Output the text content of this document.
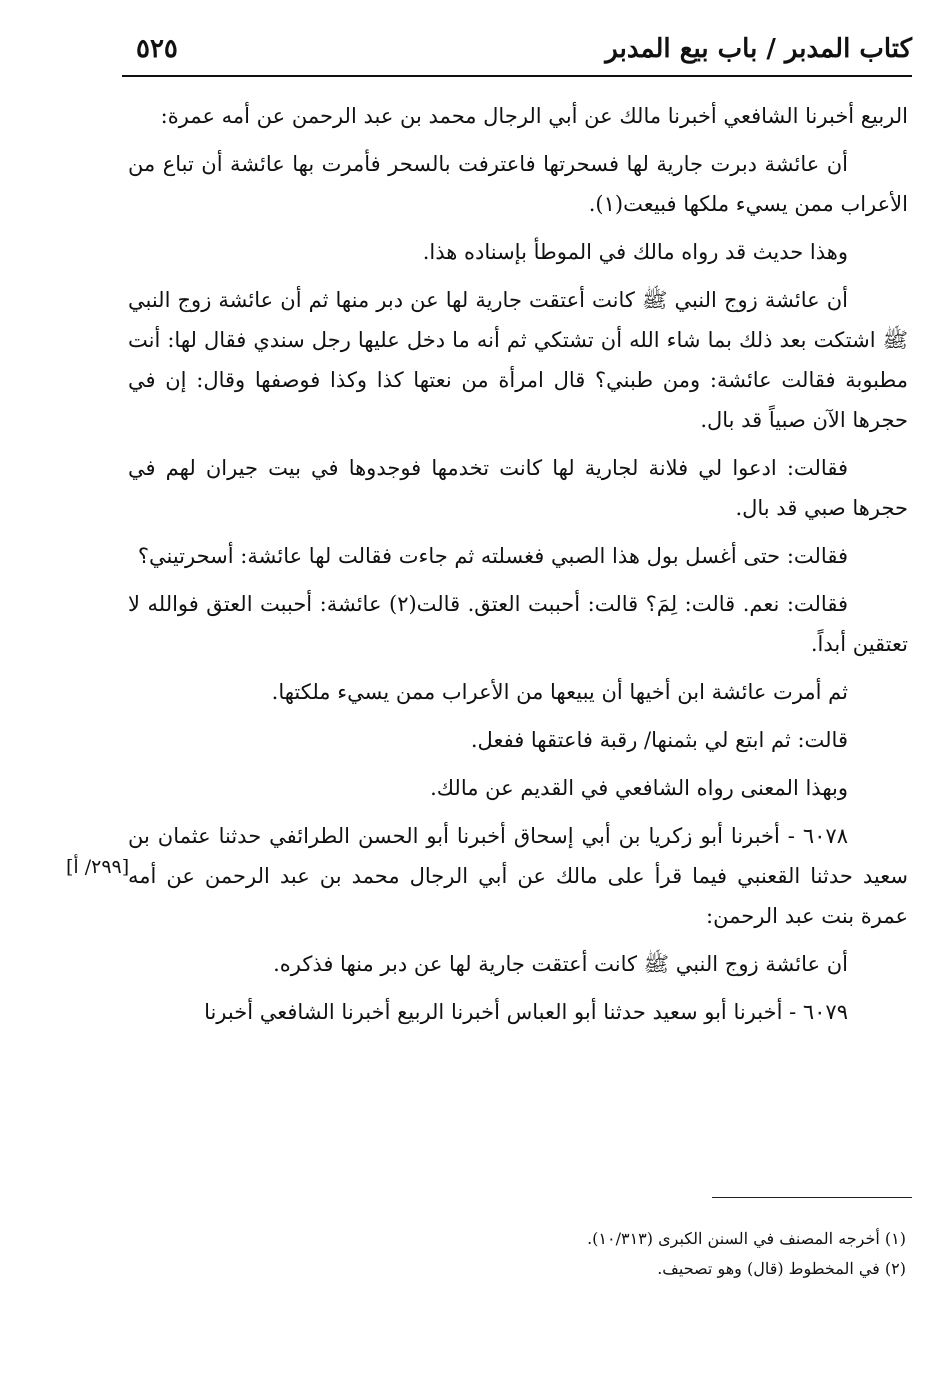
كتاب المدبر / باب بيع المدبر
٥٢٥

الربيع أخبرنا الشافعي أخبرنا مالك عن أبي الرجال محمد بن عبد الرحمن عن أمه عمرة:

أن عائشة دبرت جارية لها فسحرتها فاعترفت بالسحر فأمرت بها عائشة أن تباع من الأعراب ممن يسيء ملكها فبيعت(١).

وهذا حديث قد رواه مالك في الموطأ بإسناده هذا.

أن عائشة زوج النبي ﷺ كانت أعتقت جارية لها عن دبر منها ثم أن عائشة زوج النبي ﷺ اشتكت بعد ذلك بما شاء الله أن تشتكي ثم أنه ما دخل عليها رجل سندي فقال لها: أنت مطبوبة فقالت عائشة: ومن طبني؟ قال امرأة من نعتها كذا وكذا فوصفها وقال: إن في حجرها الآن صبياً قد بال.

فقالت: ادعوا لي فلانة لجارية لها كانت تخدمها فوجدوها في بيت جيران لهم في حجرها صبي قد بال.

فقالت: حتى أغسل بول هذا الصبي فغسلته ثم جاءت فقالت لها عائشة: أسحرتيني؟

فقالت: نعم. قالت: لِمَ؟ قالت: أحببت العتق. قالت(٢) عائشة: أحببت العتق فوالله لا تعتقين أبداً.

ثم أمرت عائشة ابن أخيها أن يبيعها من الأعراب ممن يسيء ملكتها.

قالت: ثم ابتع لي بثمنها/ رقبة فاعتقها ففعل.

وبهذا المعنى رواه الشافعي في القديم عن مالك.

٦٠٧٨ - أخبرنا أبو زكريا بن أبي إسحاق أخبرنا أبو الحسن الطرائفي حدثنا عثمان بن سعيد حدثنا القعنبي فيما قرأ على مالك عن أبي الرجال محمد بن عبد الرحمن عن أمه عمرة بنت عبد الرحمن:

أن عائشة زوج النبي ﷺ كانت أعتقت جارية لها عن دبر منها فذكره.

٦٠٧٩ - أخبرنا أبو سعيد حدثنا أبو العباس أخبرنا الربيع أخبرنا الشافعي أخبرنا

[٢٩٩/ أ]

(١) أخرجه المصنف في السنن الكبرى (١٠/٣١٣).

(٢) في المخطوط (قال) وهو تصحيف.
